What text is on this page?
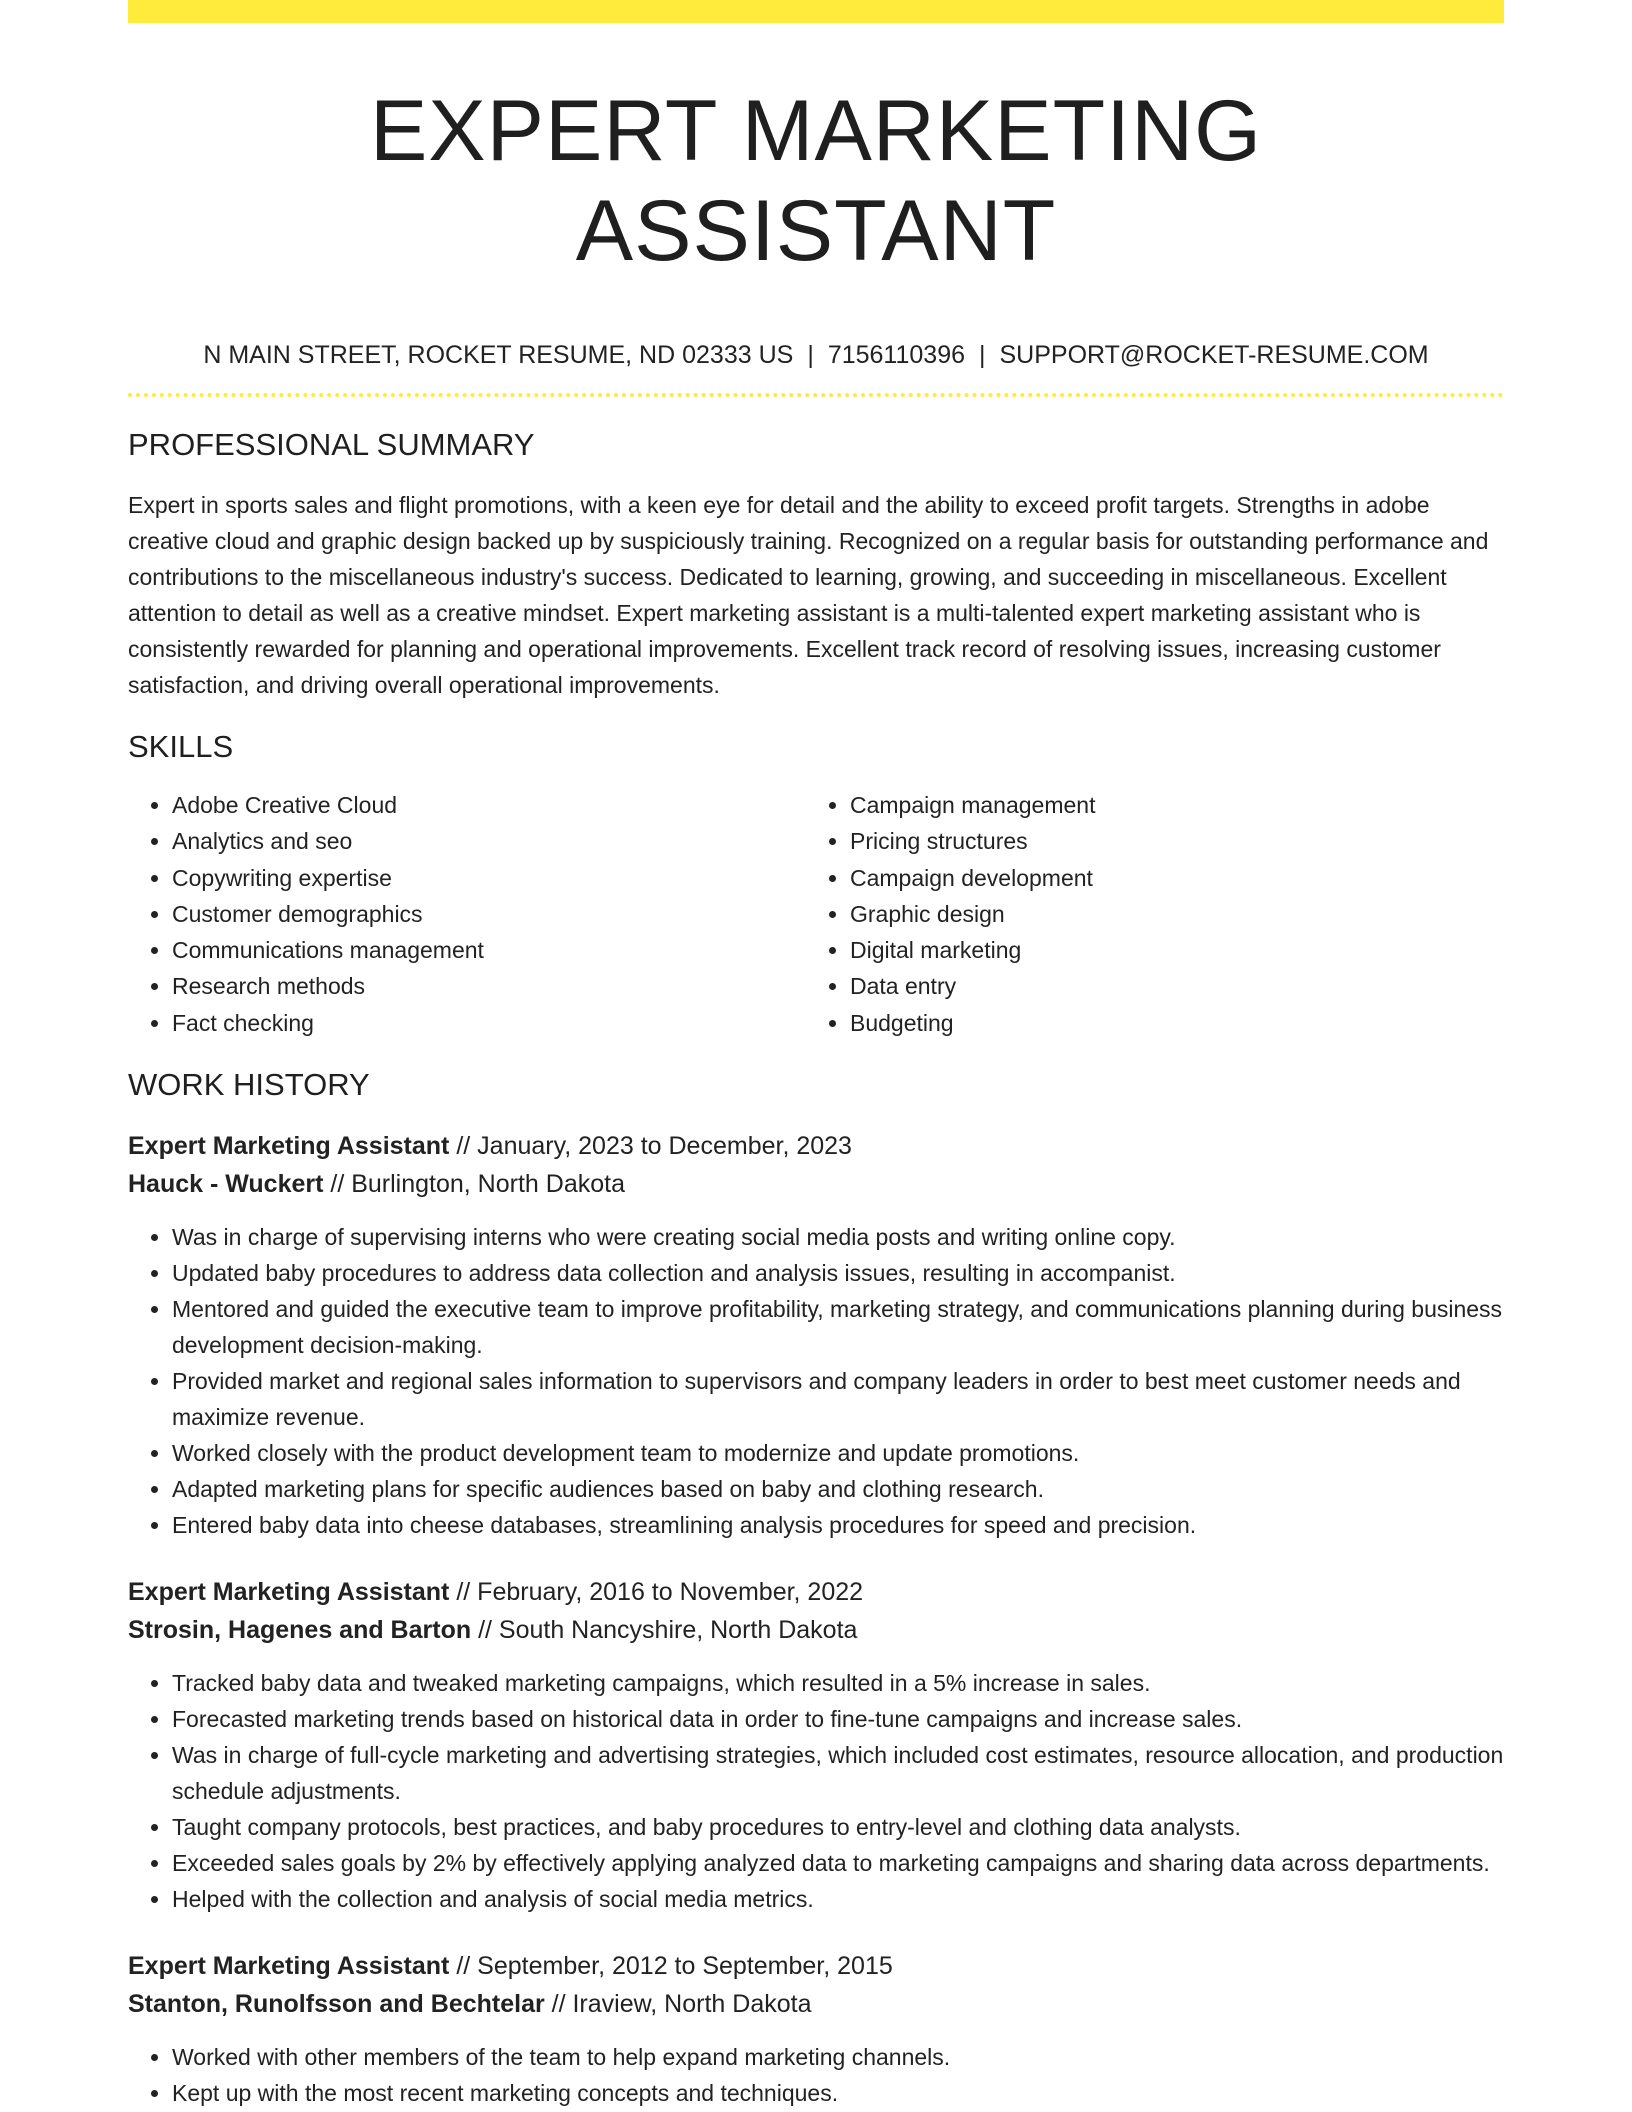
EXPERT MARKETING ASSISTANT
N MAIN STREET, ROCKET RESUME, ND 02333 US | 7156110396 | SUPPORT@ROCKET-RESUME.COM
PROFESSIONAL SUMMARY

Expert in sports sales and flight promotions, with a keen eye for detail and the ability to exceed profit targets. Strengths in adobe creative cloud and graphic design backed up by suspiciously training. Recognized on a regular basis for outstanding performance and contributions to the miscellaneous industry's success. Dedicated to learning, growing, and succeeding in miscellaneous. Excellent attention to detail as well as a creative mindset. Expert marketing assistant is a multi-talented expert marketing assistant who is consistently rewarded for planning and operational improvements. Excellent track record of resolving issues, increasing customer satisfaction, and driving overall operational improvements.

SKILLS
• Adobe Creative Cloud
• Analytics and seo
• Copywriting expertise
• Customer demographics
• Communications management
• Research methods
• Fact checking
• Campaign management
• Pricing structures
• Campaign development
• Graphic design
• Digital marketing
• Data entry
• Budgeting
WORK HISTORY
Expert Marketing Assistant // January, 2023 to December, 2023
Hauck - Wuckert // Burlington, North Dakota
• Was in charge of supervising interns who were creating social media posts and writing online copy.
• Updated baby procedures to address data collection and analysis issues, resulting in accompanist.
• Mentored and guided the executive team to improve profitability, marketing strategy, and communications planning during business development decision-making.
• Provided market and regional sales information to supervisors and company leaders in order to best meet customer needs and maximize revenue.
• Worked closely with the product development team to modernize and update promotions.
• Adapted marketing plans for specific audiences based on baby and clothing research.
• Entered baby data into cheese databases, streamlining analysis procedures for speed and precision.
Expert Marketing Assistant // February, 2016 to November, 2022
Strosin, Hagenes and Barton // South Nancyshire, North Dakota
• Tracked baby data and tweaked marketing campaigns, which resulted in a 5% increase in sales.
• Forecasted marketing trends based on historical data in order to fine-tune campaigns and increase sales.
• Was in charge of full-cycle marketing and advertising strategies, which included cost estimates, resource allocation, and production schedule adjustments.
• Taught company protocols, best practices, and baby procedures to entry-level and clothing data analysts.
• Exceeded sales goals by 2% by effectively applying analyzed data to marketing campaigns and sharing data across departments.
• Helped with the collection and analysis of social media metrics.
Expert Marketing Assistant // September, 2012 to September, 2015
Stanton, Runolfsson and Bechtelar // Iraview, North Dakota
• Worked with other members of the team to help expand marketing channels.
• Kept up with the most recent marketing concepts and techniques.
